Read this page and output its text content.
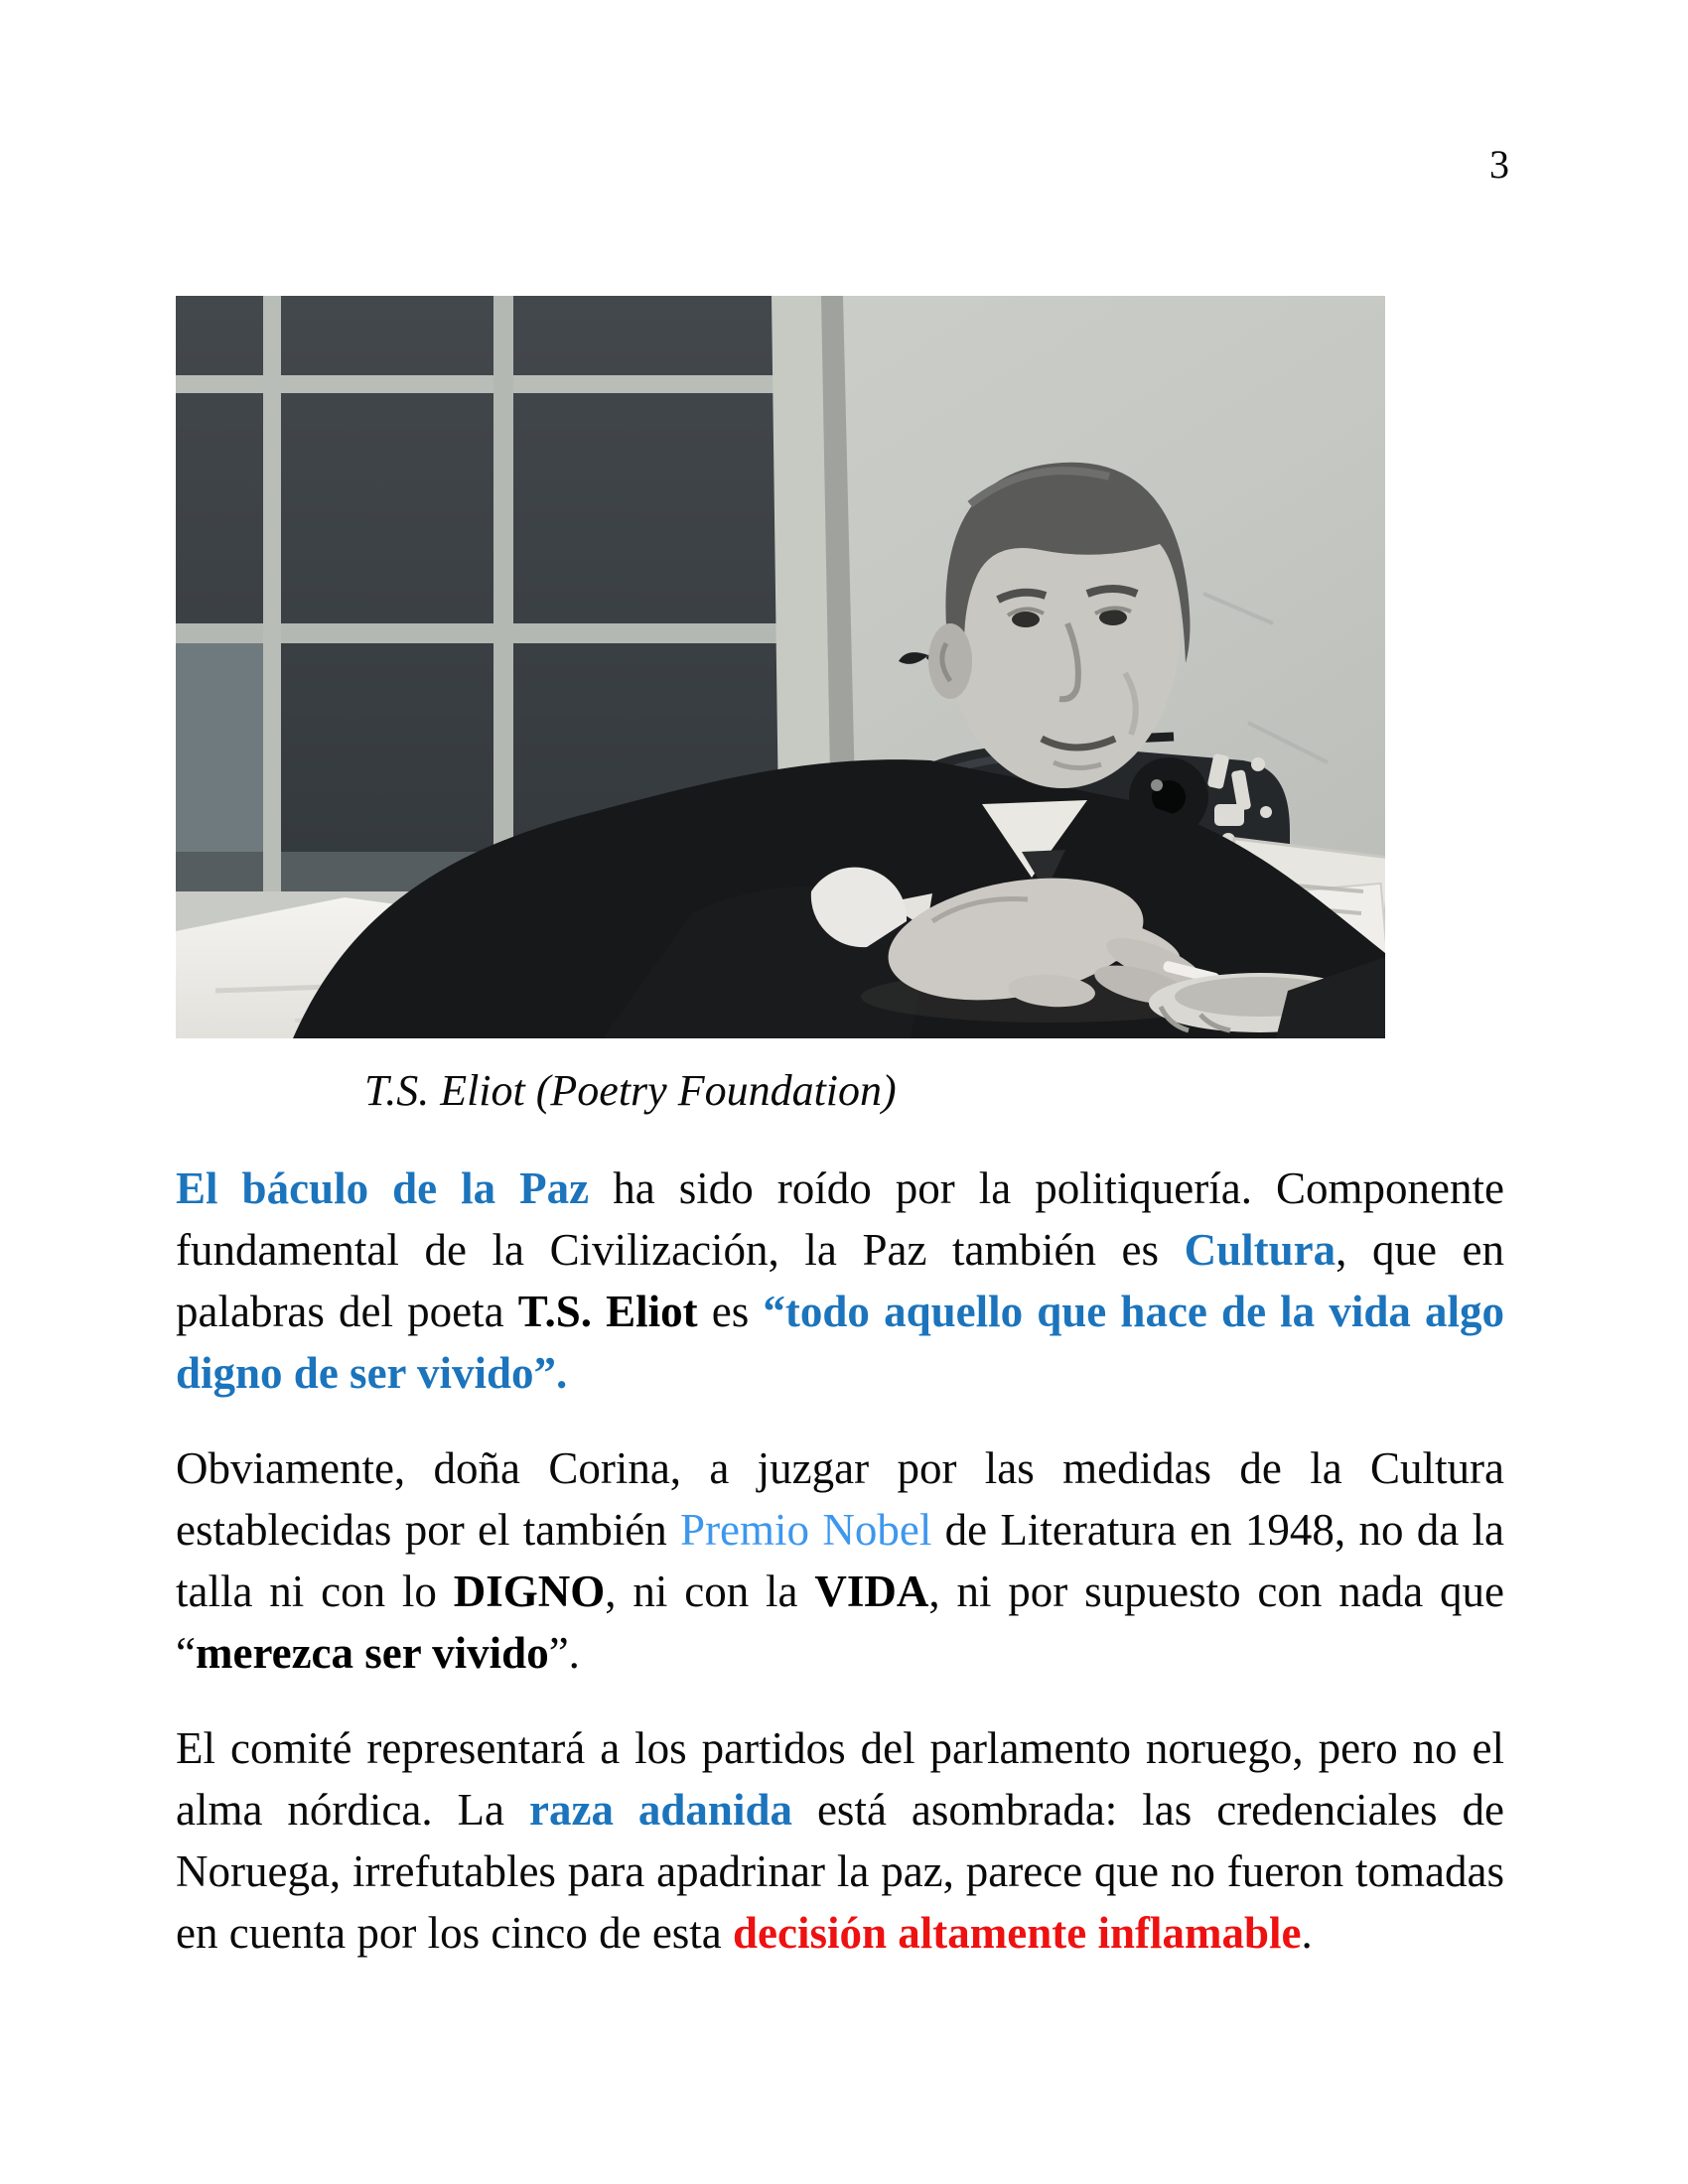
3
T.S. Eliot (Poetry Foundation)

El báculo de la Paz ha sido roído por la politiquería. Componente fundamental de la Civilización, la Paz también es Cultura, que en palabras del poeta T.S. Eliot es “todo aquello que hace de la vida algo digno de ser vivido”.

Obviamente, doña Corina, a juzgar por las medidas de la Cultura establecidas por el también Premio Nobel de Literatura en 1948, no da la talla ni con lo DIGNO, ni con la VIDA, ni por supuesto con nada que “merezca ser vivido”.

El comité representará a los partidos del parlamento noruego, pero no el alma nórdica. La raza adanida está asombrada: las credenciales de Noruega, irrefutables para apadrinar la paz, parece que no fueron tomadas en cuenta por los cinco de esta decisión altamente inflamable.
